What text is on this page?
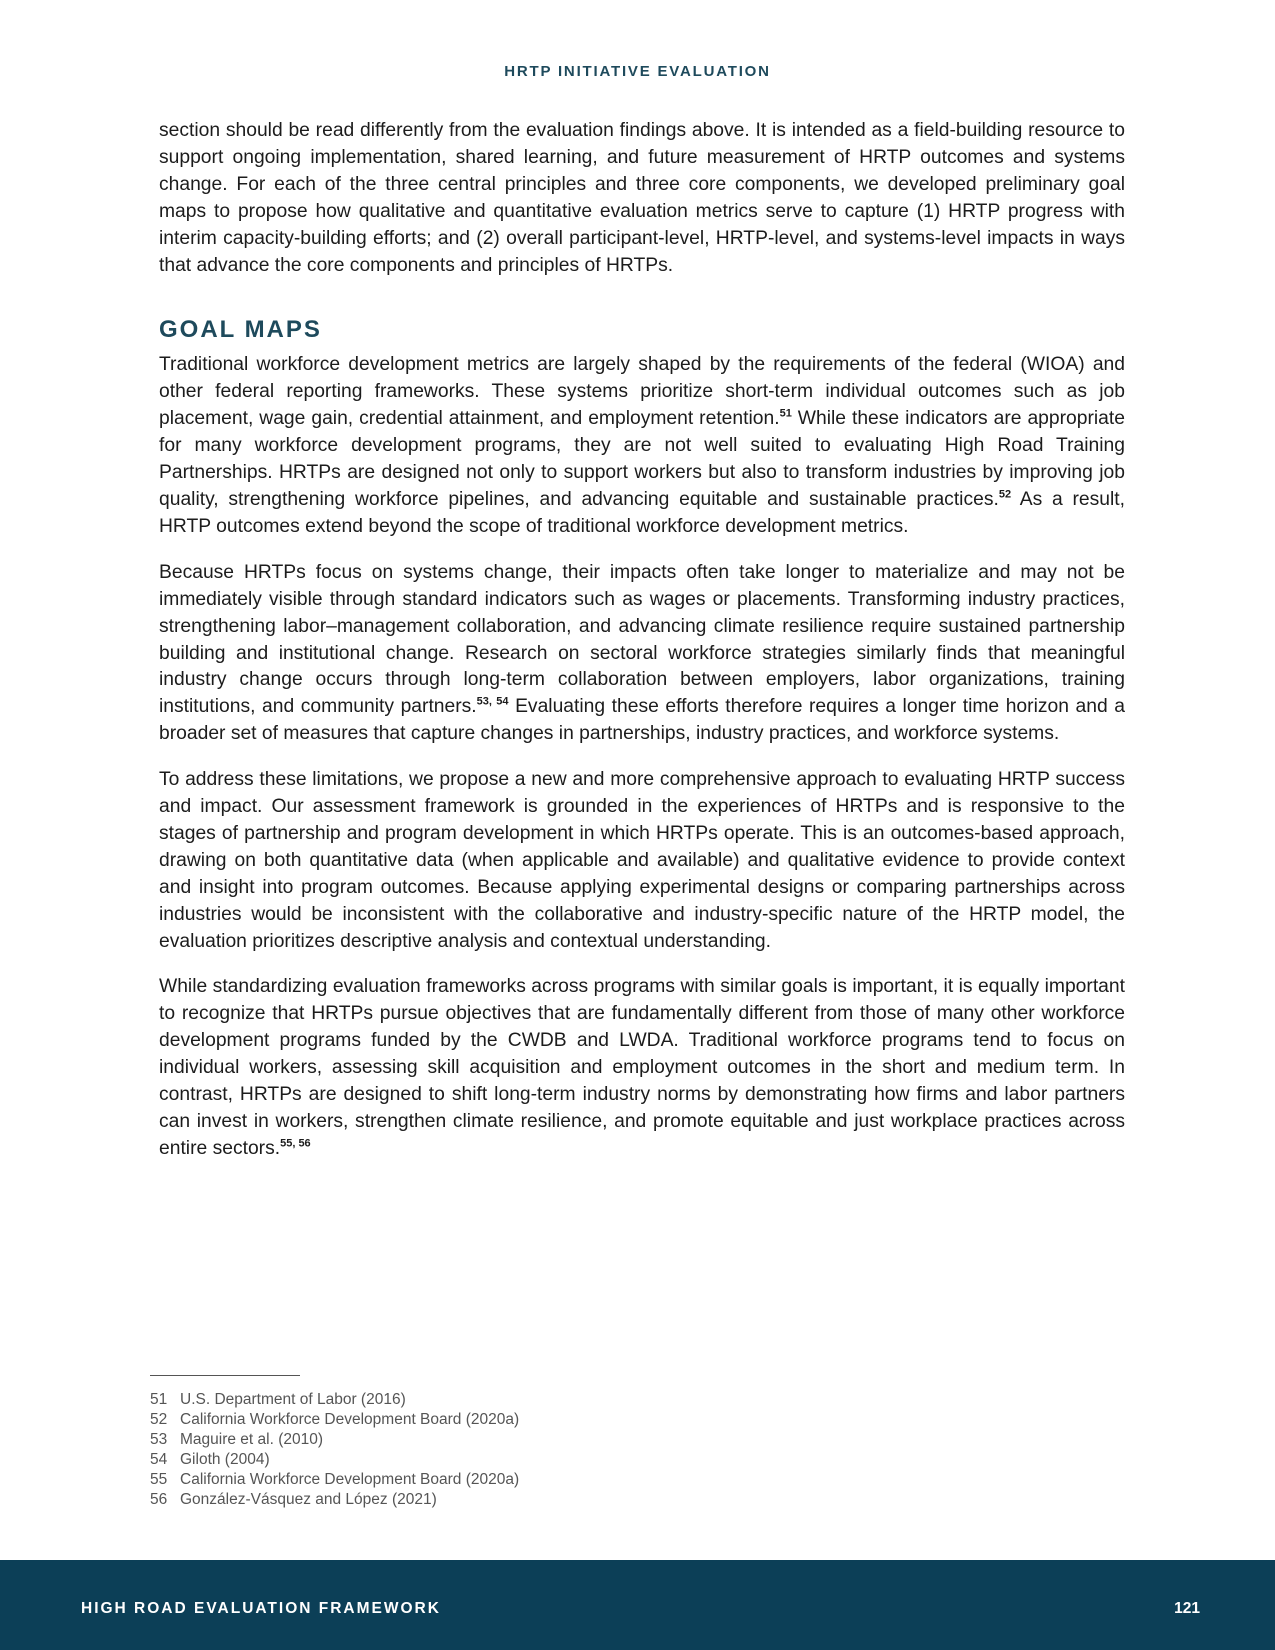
HRTP INITIATIVE EVALUATION

section should be read differently from the evaluation findings above. It is intended as a field-building resource to support ongoing implementation, shared learning, and future measurement of HRTP outcomes and systems change. For each of the three central principles and three core components, we developed preliminary goal maps to propose how qualitative and quantitative evaluation metrics serve to capture (1) HRTP progress with interim capacity-building efforts; and (2) overall participant-level, HRTP-level, and systems-level impacts in ways that advance the core components and principles of HRTPs.

GOAL MAPS

Traditional workforce development metrics are largely shaped by the requirements of the federal (WIOA) and other federal reporting frameworks. These systems prioritize short-term individual outcomes such as job placement, wage gain, credential attainment, and employment retention.$^{51}$ While these indicators are appropriate for many workforce development programs, they are not well suited to evaluating High Road Training Partnerships. HRTPs are designed not only to support workers but also to transform industries by improving job quality, strengthening workforce pipelines, and advancing equitable and sustainable practices.$^{52}$ As a result, HRTP outcomes extend beyond the scope of traditional workforce development metrics.

Because HRTPs focus on systems change, their impacts often take longer to materialize and may not be immediately visible through standard indicators such as wages or placements. Transforming industry practices, strengthening labor–management collaboration, and advancing climate resilience require sustained partnership building and institutional change. Research on sectoral workforce strategies similarly finds that meaningful industry change occurs through long-term collaboration between employers, labor organizations, training institutions, and community partners.$^{53, 54}$ Evaluating these efforts therefore requires a longer time horizon and a broader set of measures that capture changes in partnerships, industry practices, and workforce systems.

To address these limitations, we propose a new and more comprehensive approach to evaluating HRTP success and impact. Our assessment framework is grounded in the experiences of HRTPs and is responsive to the stages of partnership and program development in which HRTPs operate. This is an outcomes-based approach, drawing on both quantitative data (when applicable and available) and qualitative evidence to provide context and insight into program outcomes. Because applying experimental designs or comparing partnerships across industries would be inconsistent with the collaborative and industry-specific nature of the HRTP model, the evaluation prioritizes descriptive analysis and contextual understanding.

While standardizing evaluation frameworks across programs with similar goals is important, it is equally important to recognize that HRTPs pursue objectives that are fundamentally different from those of many other workforce development programs funded by the CWDB and LWDA. Traditional workforce programs tend to focus on individual workers, assessing skill acquisition and employment outcomes in the short and medium term. In contrast, HRTPs are designed to shift long-term industry norms by demonstrating how firms and labor partners can invest in workers, strengthen climate resilience, and promote equitable and just workplace practices across entire sectors.$^{55, 56}$

51 U.S. Department of Labor (2016)
52 California Workforce Development Board (2020a)
53 Maguire et al. (2010)
54 Giloth (2004)
55 California Workforce Development Board (2020a)
56 González-Vásquez and López (2021)
HIGH ROAD EVALUATION FRAMEWORK	121
